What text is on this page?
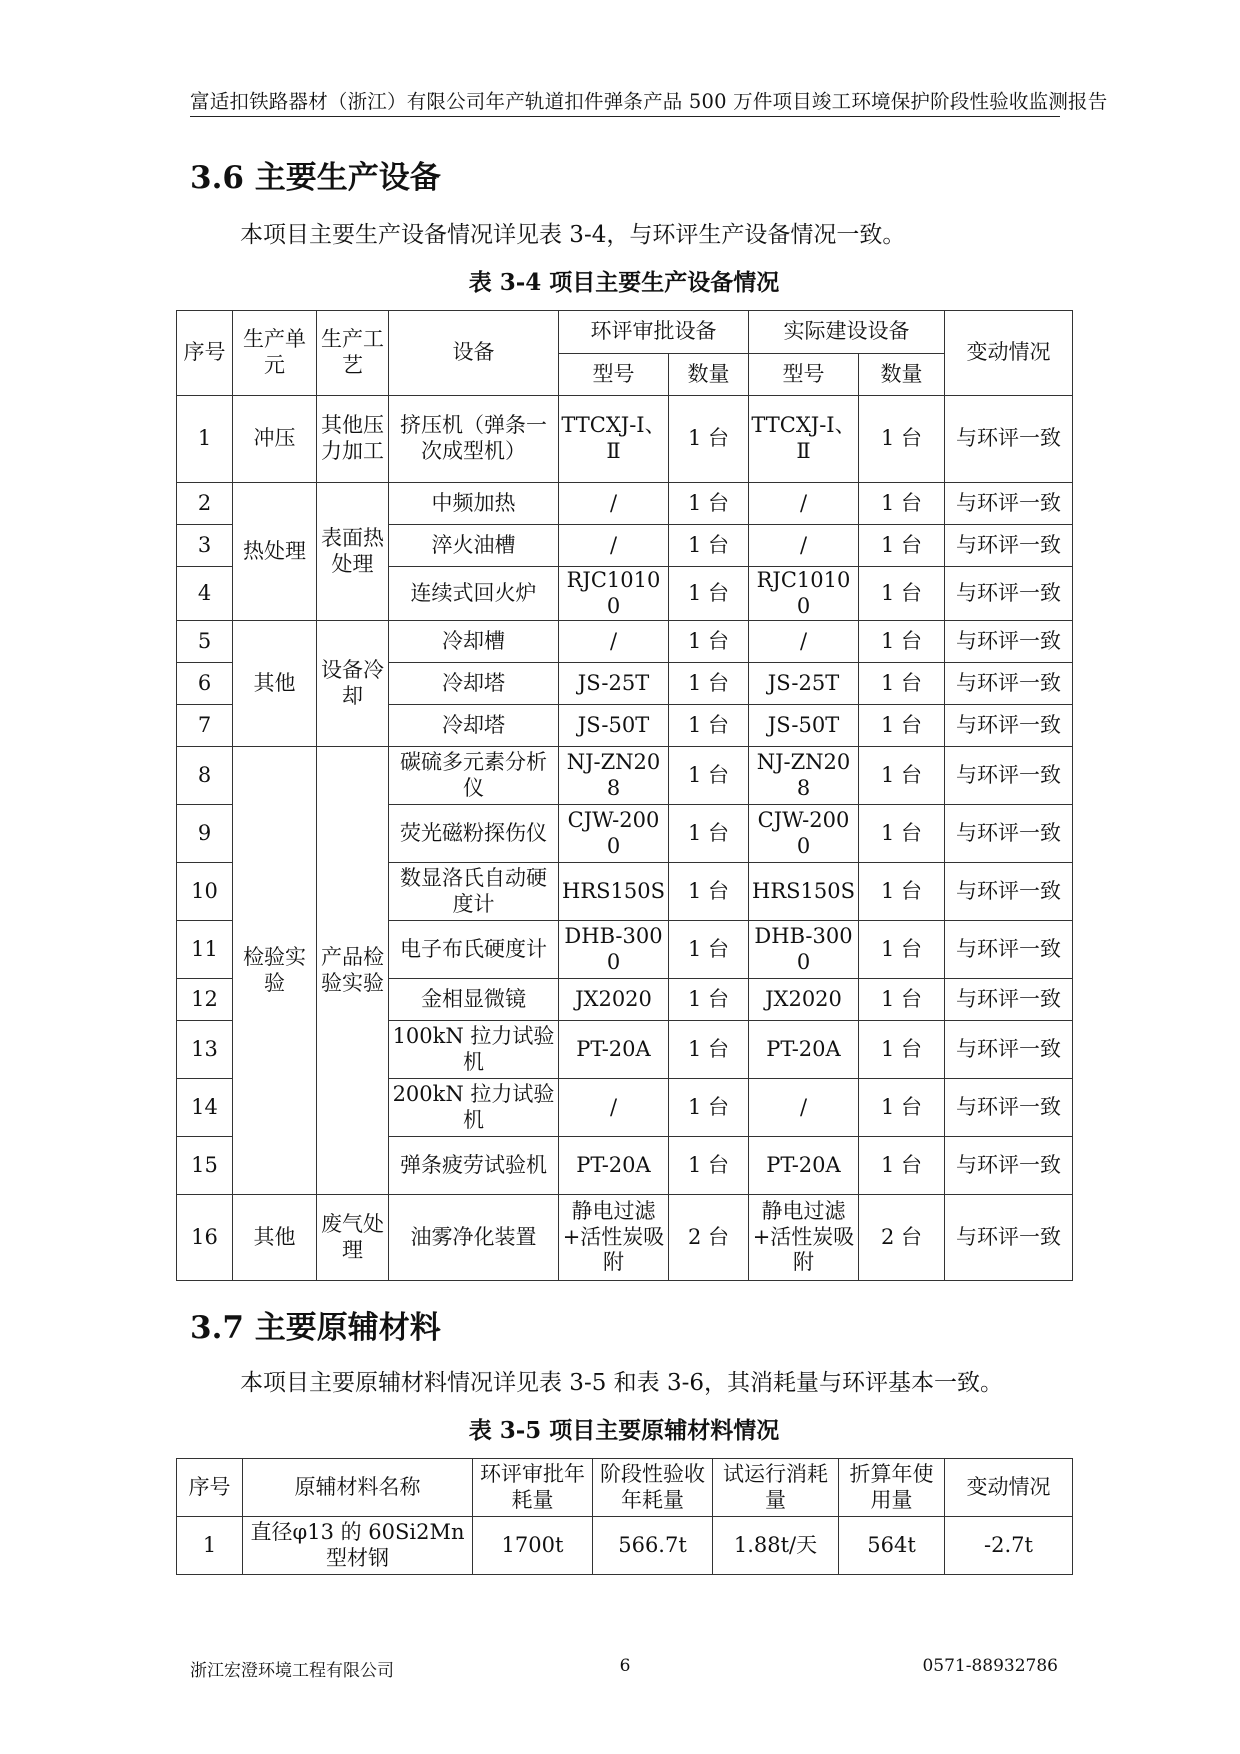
富适扣铁路器材（浙江）有限公司年产轨道扣件弹条产品 500 万件项目竣工环境保护阶段性验收监测报告
3.6 主要生产设备

本项目主要生产设备情况详见表 3-4，与环评生产设备情况一致。

表 3-4 项目主要生产设备情况

序号	生产单元	生产工艺	设备	环评审批设备		实际建设设备		变动情况
				型号	数量	型号	数量	
1	冲压	其他压力加工	挤压机（弹条一次成型机）	TTCXJ-Ⅰ、Ⅱ	1 台	TTCXJ-Ⅰ、Ⅱ	1 台	与环评一致
2	热处理	表面热处理	中频加热	/	1 台	/	1 台	与环评一致
3			淬火油槽	/	1 台	/	1 台	与环评一致
4			连续式回火炉	RJC10100	1 台	RJC10100	1 台	与环评一致
5	其他	设备冷却	冷却槽	/	1 台	/	1 台	与环评一致
6			冷却塔	JS-25T	1 台	JS-25T	1 台	与环评一致
7			冷却塔	JS-50T	1 台	JS-50T	1 台	与环评一致
8	检验实验	产品检验实验	碳硫多元素分析仪	NJ-ZN208	1 台	NJ-ZN208	1 台	与环评一致
9			荧光磁粉探伤仪	CJW-2000	1 台	CJW-2000	1 台	与环评一致
10			数显洛氏自动硬度计	HRS150S	1 台	HRS150S	1 台	与环评一致
11			电子布氏硬度计	DHB-3000	1 台	DHB-3000	1 台	与环评一致
12			金相显微镜	JX2020	1 台	JX2020	1 台	与环评一致
13			100kN 拉力试验机	PT-20A	1 台	PT-20A	1 台	与环评一致
14			200kN 拉力试验机	/	1 台	/	1 台	与环评一致
15			弹条疲劳试验机	PT-20A	1 台	PT-20A	1 台	与环评一致
16	其他	废气处理	油雾净化装置	静电过滤+活性炭吸附	2 台	静电过滤+活性炭吸附	2 台	与环评一致
3.7 主要原辅材料

本项目主要原辅材料情况详见表 3-5 和表 3-6，其消耗量与环评基本一致。

表 3-5 项目主要原辅材料情况

序号	原辅材料名称	环评审批年耗量	阶段性验收年耗量	试运行消耗量	折算年使用量	变动情况
1	直径φ13 的 60Si2Mn 型材钢	1700t	566.7t	1.88t/天	564t	-2.7t
浙江宏澄环境工程有限公司	6	0571-88932786
